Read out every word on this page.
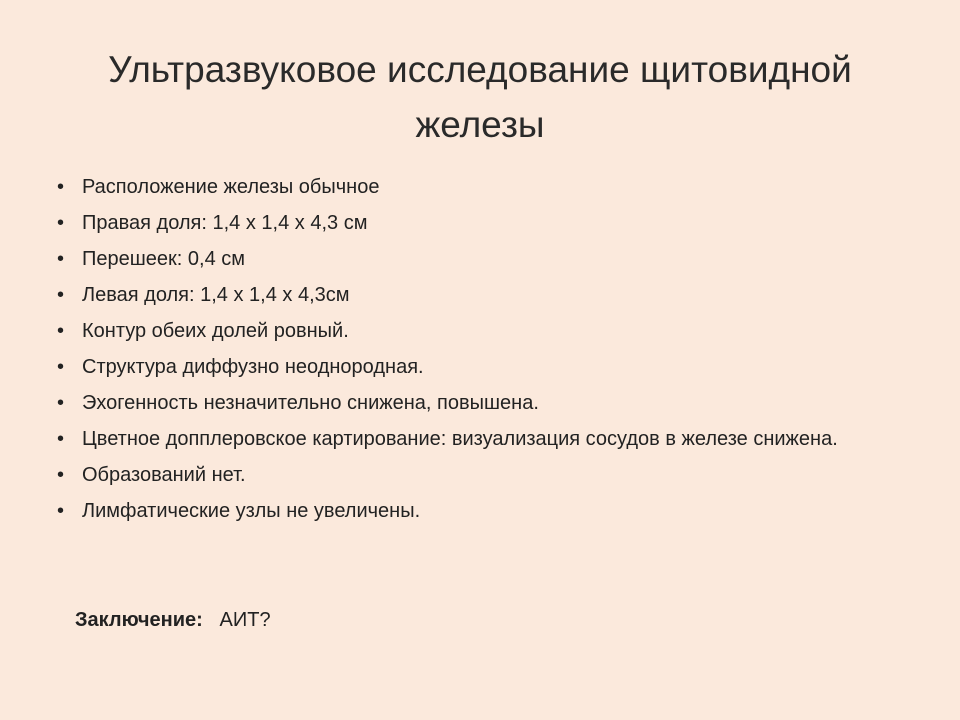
Ультразвуковое исследование щитовидной
железы
• Расположение железы обычное
• Правая доля: 1,4 х 1,4 х 4,3 см
• Перешеек: 0,4 см
• Левая доля: 1,4 х 1,4 х 4,3см
• Контур обеих долей ровный.
• Структура диффузно неоднородная.
• Эхогенность незначительно снижена, повышена.
• Цветное допплеровское картирование: визуализация сосудов в железе снижена.
• Образований нет.
• Лимфатические узлы не увеличены.
Заключение: АИТ?
